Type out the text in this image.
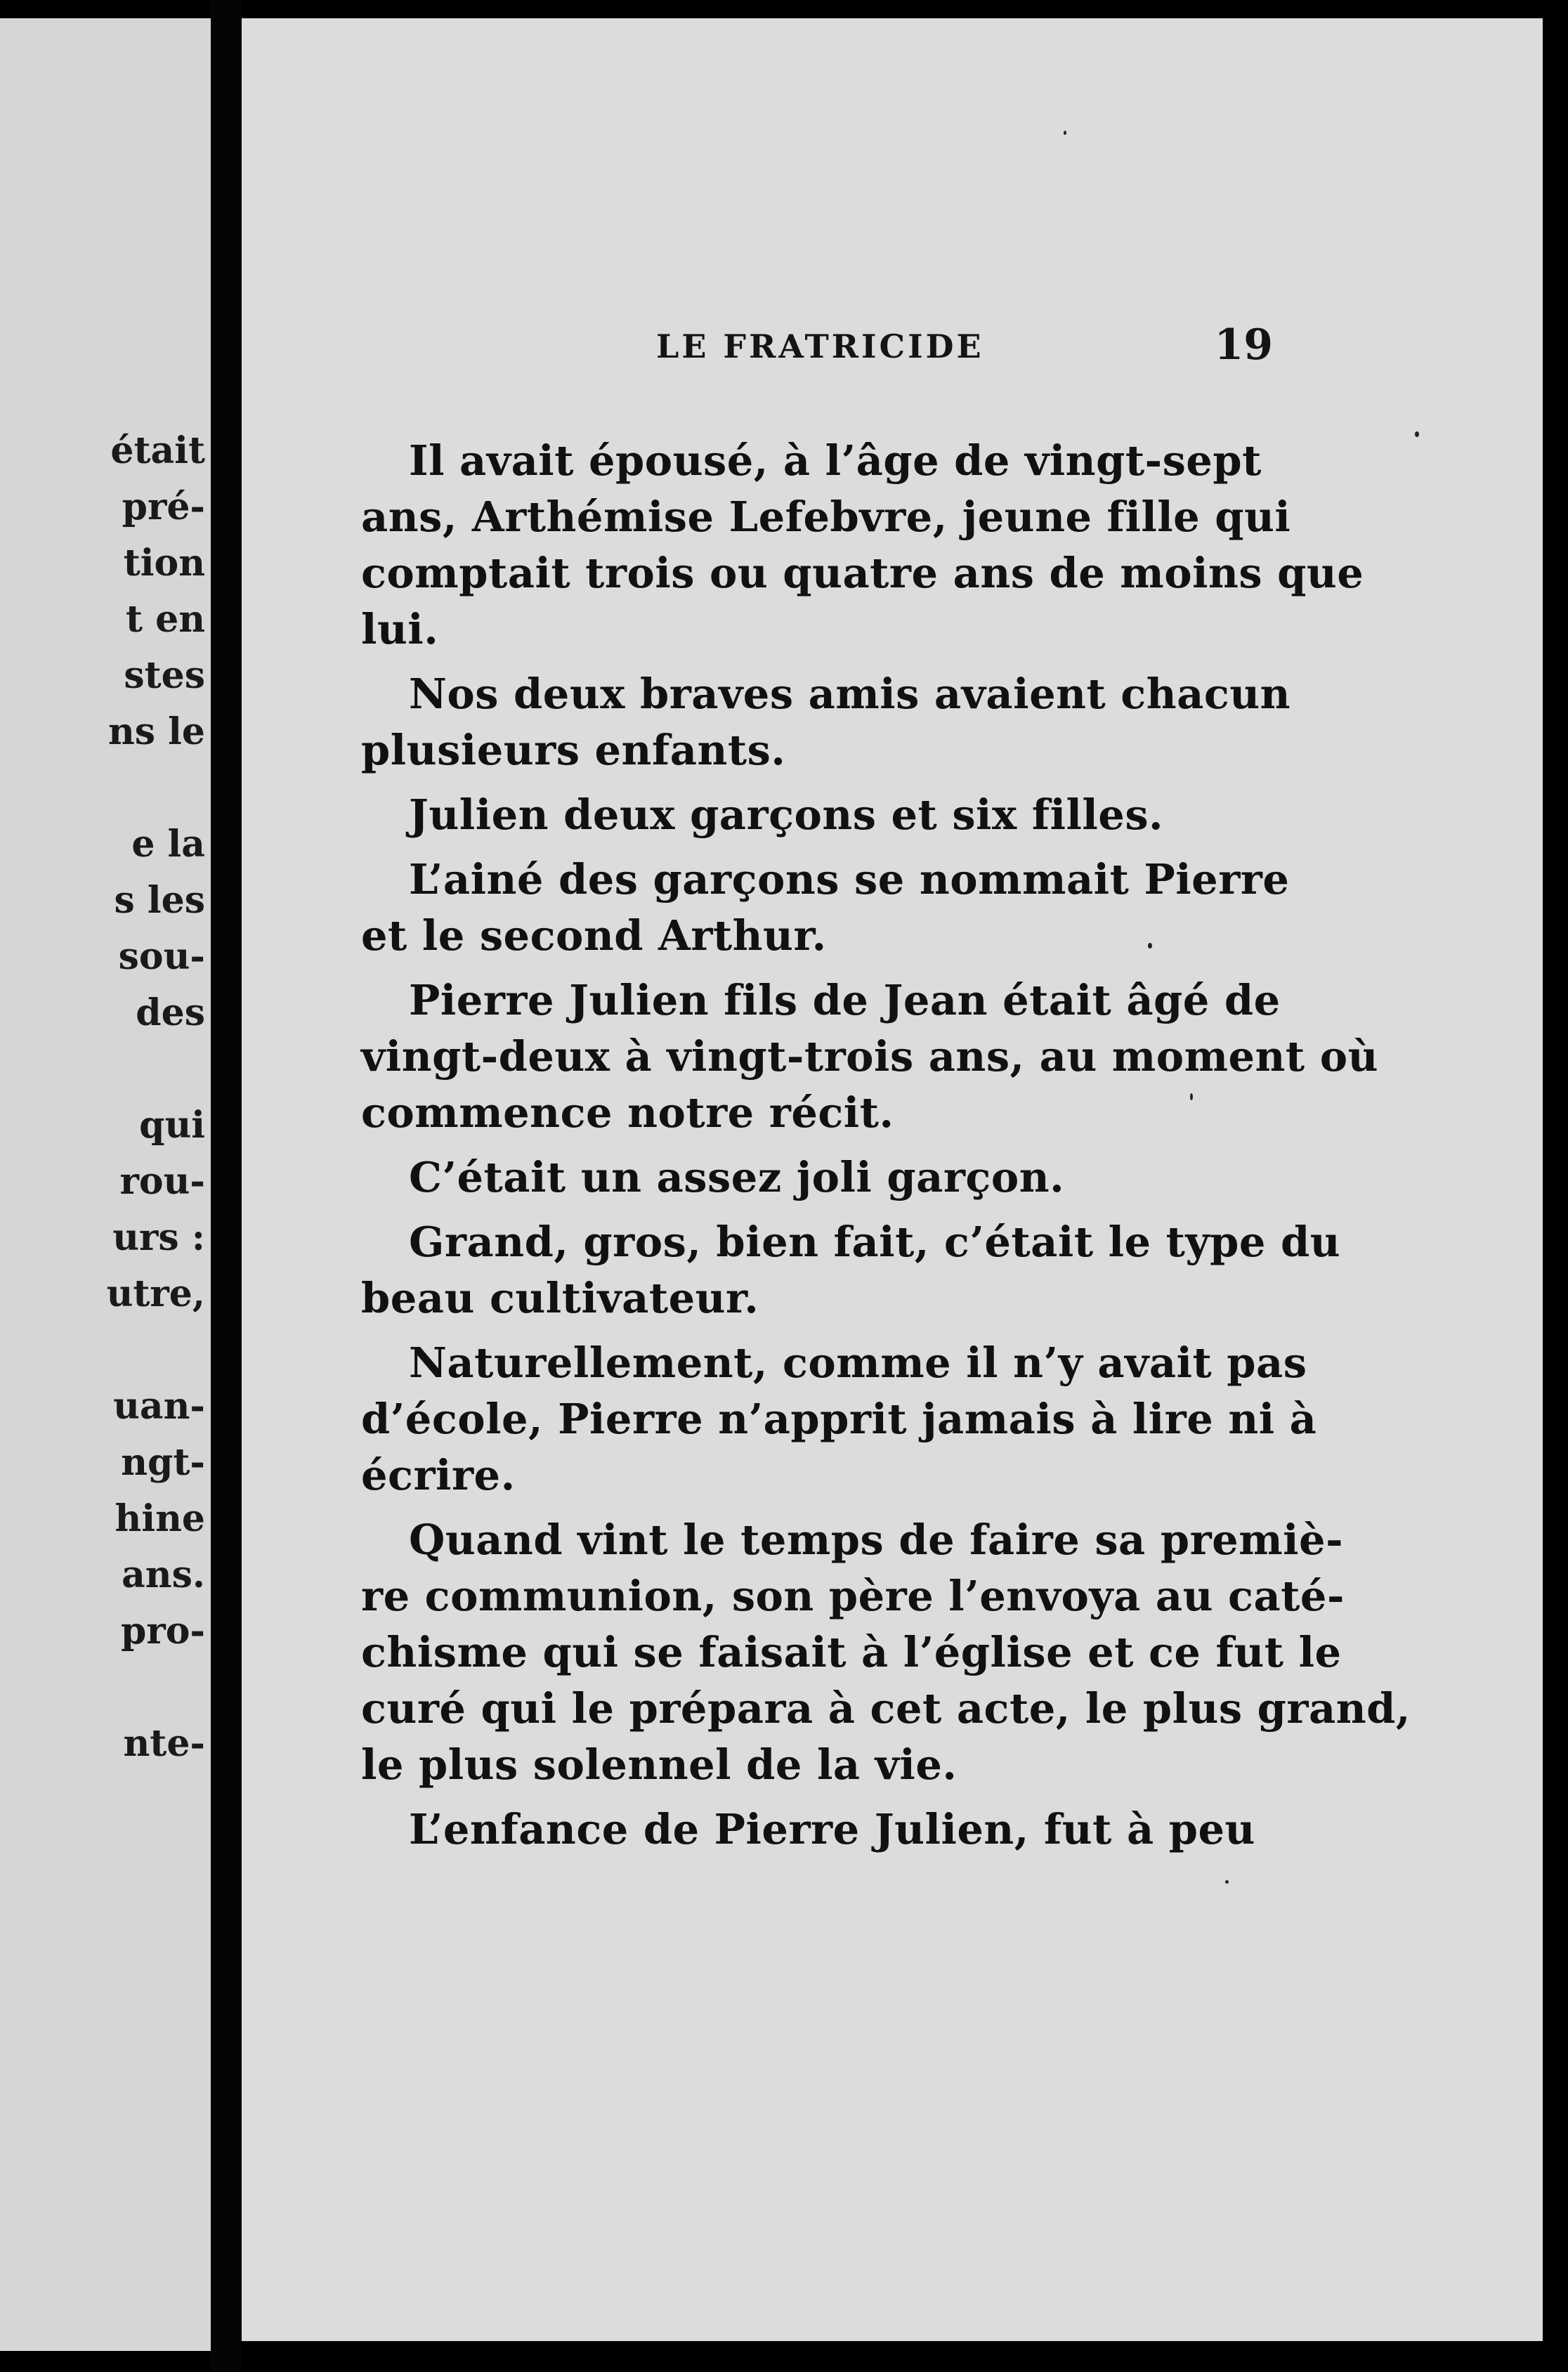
était
pré-
tion
t en
stes
ns le
e la
s les
sou-
des
qui
rou-
urs :
utre,
uan-
ngt-
hine
ans.
pro-
nte-
LE FRATRICIDE	19
Il avait épousé, à l’âge de vingt-sept
ans, Arthémise Lefebvre, jeune fille qui
comptait trois ou quatre ans de moins que
lui.
Nos deux braves amis avaient chacun
plusieurs enfants.
Julien deux garçons et six filles.
L’ainé des garçons se nommait Pierre
et le second Arthur.
Pierre Julien fils de Jean était âgé de
vingt-deux à vingt-trois ans, au moment où
commence notre récit.
C’était un assez joli garçon.
Grand, gros, bien fait, c’était le type du
beau cultivateur.
Naturellement, comme il n’y avait pas
d’école, Pierre n’apprit jamais à lire ni à
écrire.
Quand vint le temps de faire sa premiè-
re communion, son père l’envoya au caté-
chisme qui se faisait à l’église et ce fut le
curé qui le prépara à cet acte, le plus grand,
le plus solennel de la vie.
L’enfance de Pierre Julien, fut à peu
